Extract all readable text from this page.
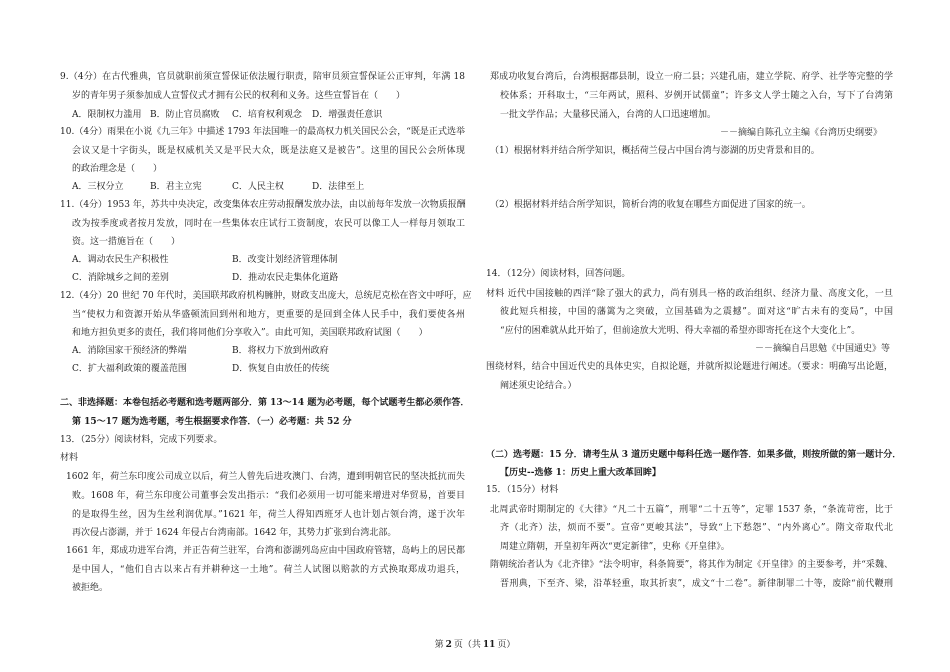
9.（4分）在古代雅典，官员就职前须宣誓保证依法履行职责，陪审员须宣誓保证公正审判，年满 18
岁的青年男子须参加成人宣誓仪式才拥有公民的权利和义务。这些宣誓旨在（　　）
A．限制权力滥用 B．防止官员腐败 C．培育权利观念 D．增强责任意识
10.（4分）雨果在小说《九三年》中描述 1793 年法国唯一的最高权力机关国民公会，“既是正式选举
会议又是十字街头，既是权威机关又是平民大众，既是法庭又是被告”。这里的国民公会所体现
的政治理念是（　　）
A．三权分立	B．君主立宪	C．人民主权	D．法律至上
11.（4分）1953 年，苏共中央决定，改变集体农庄劳动报酬发放办法，由以前每年发放一次物质报酬
改为按季度或者按月发放，同时在一些集体农庄试行工资制度，农民可以像工人一样每月领取工
资。这一措施旨在（　　）
A．调动农民生产积极性	B．改变计划经济管理体制
C．消除城乡之间的差别	D．推动农民走集体化道路
12.（4分）20 世纪 70 年代时，美国联邦政府机构臃肿，财政支出庞大，总统尼克松在咨文中呼吁，应
当“使权力和资源开始从华盛顿流回到州和地方，更重要的是回到全体人民手中，我们要使各州
和地方担负更多的责任，我们将同他们分享收入”。由此可知，美国联邦政府试图（　　）
A．消除国家干预经济的弊端	B．将权力下放到州政府
C．扩大福利政策的覆盖范围	D．恢复自由放任的传统
二、非选择题：本卷包括必考题和选考题两部分．第 13～14 题为必考题，每个试题考生都必须作答．
第 15～17 题为选考题，考生根据要求作答．（一）必考题：共 52 分
13．（25分）阅读材料，完成下列要求。
材料
1602 年，荷兰东印度公司成立以后，荷兰人曾先后进攻澳门、台湾，遭到明朝官民的坚决抵抗而失
败。1608 年，荷兰东印度公司董事会发出指示：“我们必须用一切可能来增进对华贸易，首要目
的是取得生丝，因为生丝利润优厚。”1621 年，荷兰人得知西班牙人也计划占领台湾，遂于次年
再次侵占澎湖，并于 1624 年侵占台湾南部。1642 年，其势力扩张到台湾北部。
1661 年，郑成功进军台湾，并正告荷兰驻军，台湾和澎湖列岛应由中国政府管辖，岛屿上的居民都
是中国人，“他们自古以来占有并耕种这一土地”。荷兰人试图以赔款的方式换取郑成功退兵，
被拒绝。
郑成功收复台湾后，台湾根据郡县制，设立一府二县；兴建孔庙，建立学院、府学、社学等完整的学
校体系；开科取士，“三年两试，照科、岁例开试儒童”；许多文人学士随之入台，写下了台湾第
一批文学作品；大量移民涌入，台湾的人口迅速增加。
－－摘编自陈孔立主编《台湾历史纲要》
（1）根据材料并结合所学知识，概括荷兰侵占中国台湾与澎湖的历史背景和目的。
（2）根据材料并结合所学知识，简析台湾的收复在哪些方面促进了国家的统一。
14．（12分）阅读材料，回答问题。
材料 近代中国接触的西洋“除了强大的武力，尚有别具一格的政治组织、经济力量、高度文化，一旦
彼此短兵相接，中国的藩篱为之突破，立国基础为之震撼”。面对这“旷古未有的变局”，中国
“应付的困难就从此开始了，但前途放大光明、得大幸福的希望亦即寄托在这个大变化上”。
－－摘编自吕思勉《中国通史》等
围绕材料，结合中国近代史的具体史实，自拟论题，并就所拟论题进行阐述。（要求：明确写出论题，
阐述须史论结合。）
（二）选考题：15 分．请考生从 3 道历史题中每科任选一题作答．如果多做，则按所做的第一题计分．
【历史--选修 1：历史上重大改革回眸】
15．（15分）材料
北周武帝时期制定的《大律》“凡二十五篇”，刑罪“二十五等”，定罪 1537 条，“条流苛密，比于
齐（北齐）法，烦而不要”。宣帝“更峻其法”，导致“上下愁怨”、“内外离心”。隋文帝取代北
周建立隋朝，开皇初年两次“更定新律”，史称《开皇律》。
隋朝统治者认为《北齐律》“法令明审，科条简要”，将其作为制定《开皇律》的主要参考，并“采魏、
晋刑典，下至齐、梁，沿革轻重，取其折衷”，成文“十二卷”。新律制罪二十等，废除“前代鞭刑
第 2 页（共 11 页）
